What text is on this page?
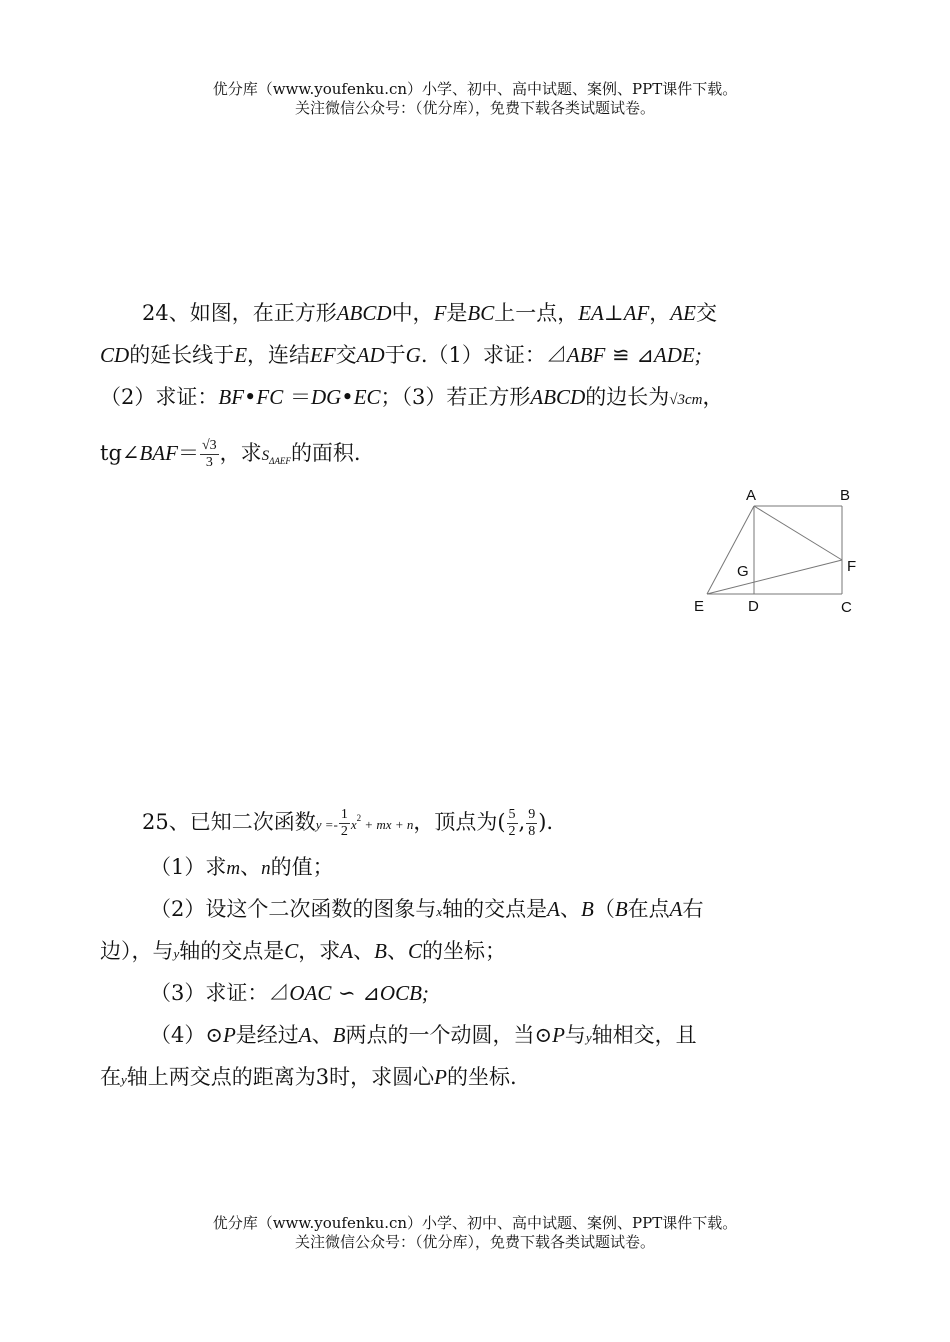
优分库（www.youfenku.cn）小学、初中、高中试题、案例、PPT课件下载。
关注微信公众号：（优分库），免费下载各类试题试卷。
24、如图，在正方形ABCD中，F是BC上一点，EA⊥AF，AE交
CD的延长线于E，连结EF交AD于G.（1）求证：⊿ABF ≌ ⊿ADE;
（2）求证：BF•FC ＝DG•EC；（3）若正方形ABCD的边长为√3cm，
tg∠BAF＝ $\frac{√3}{3}$ ，求$S_{\Delta AEF}$的面积.
A	B
F
G
E	D	C
25、已知二次函数$y =- \frac{1}{2} x^2$ + mx + n，顶点为( $\frac{5}{2}$ , $\frac{9}{8}$ ).
（1）求m、n的值；
（2）设这个二次函数的图象与x轴的交点是A、B（B在点A右
边），与y轴的交点是C，求A、B、C的坐标；
（3）求证：⊿OAC ∽ ⊿OCB;
（4）⊙P是经过A、B两点的一个动圆，当⊙P与y轴相交，且
在y轴上两交点的距离为3时，求圆心P的坐标.
优分库（www.youfenku.cn）小学、初中、高中试题、案例、PPT课件下载。
关注微信公众号：（优分库），免费下载各类试题试卷。
